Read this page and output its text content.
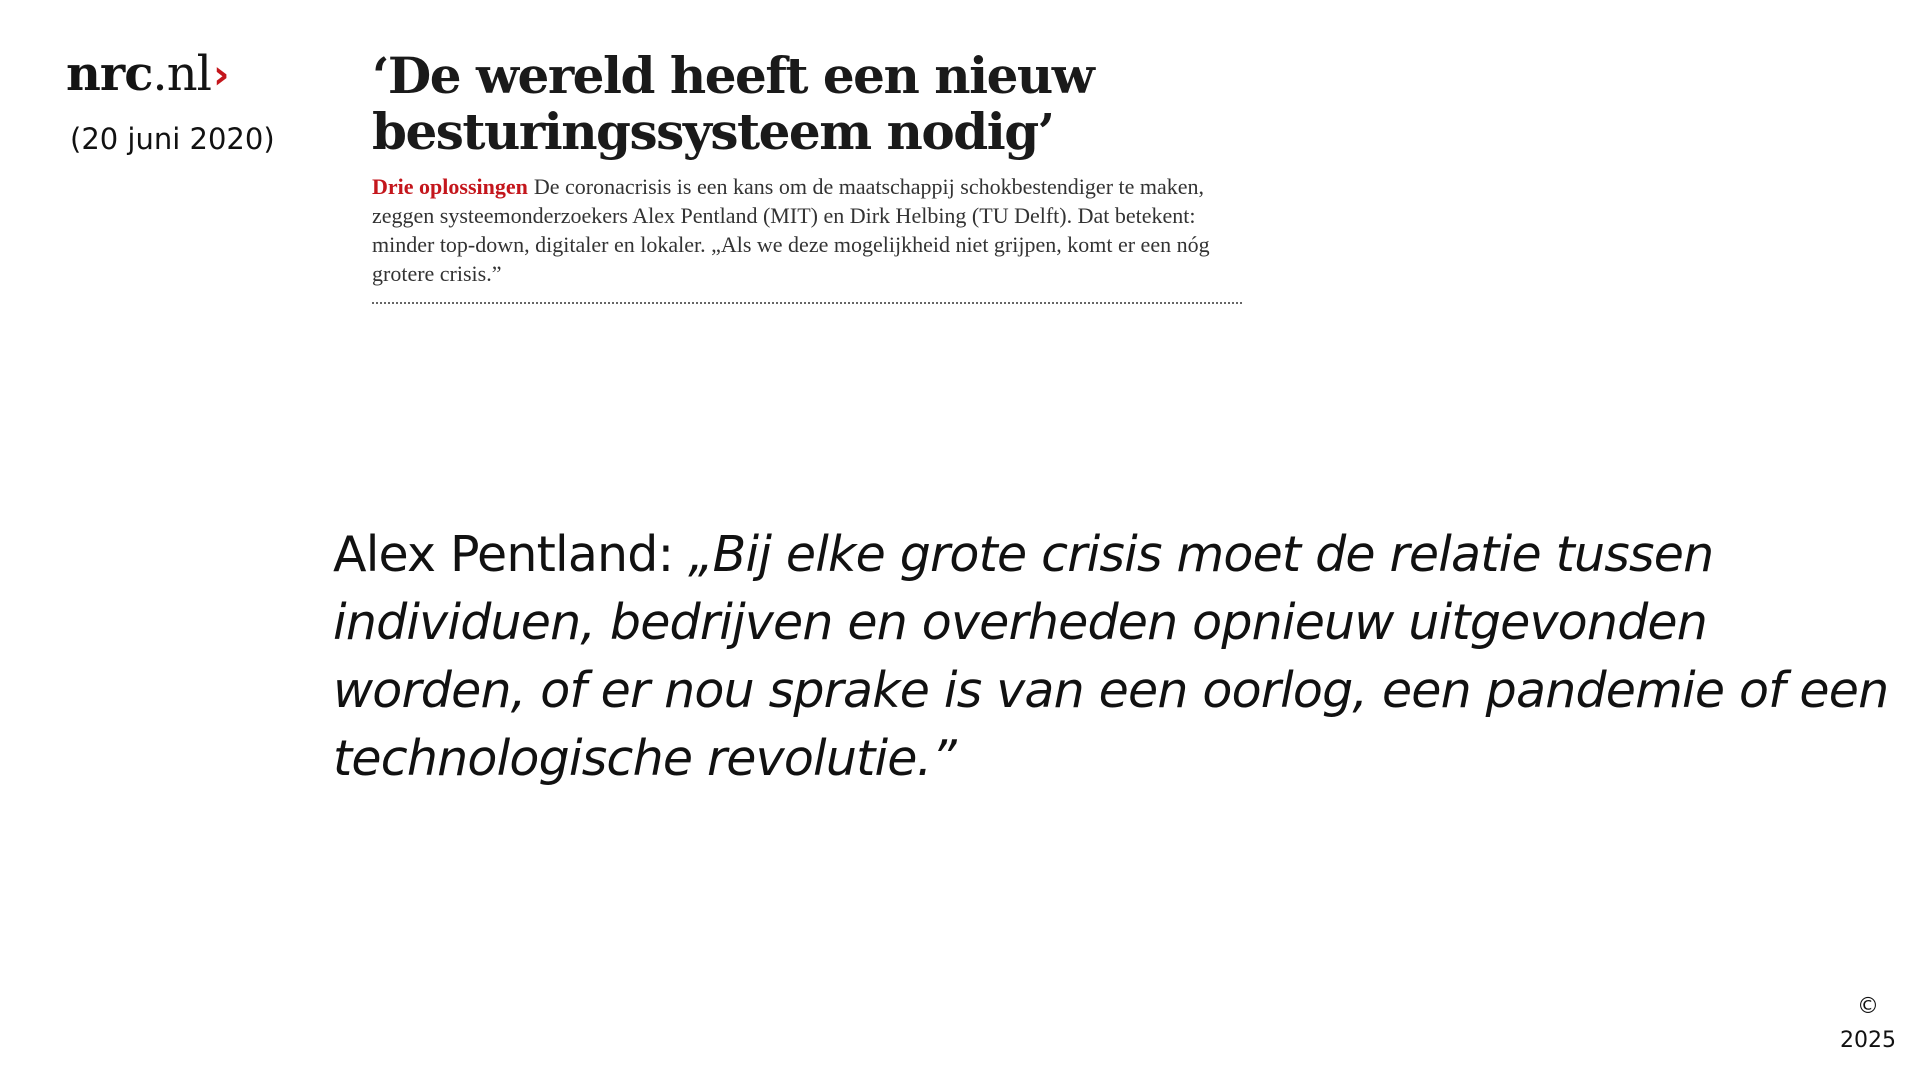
nrc.nl›
(20 juni 2020)
‘De wereld heeft een nieuw besturingssysteem nodig’
Drie oplossingen De coronacrisis is een kans om de maatschappij schokbestendiger te maken, zeggen systeemonderzoekers Alex Pentland (MIT) en Dirk Helbing (TU Delft). Dat betekent: minder top-down, digitaler en lokaler. „Als we deze mogelijkheid niet grijpen, komt er een nóg grotere crisis.”
Alex Pentland: „Bij elke grote crisis moet de relatie tussen individuen, bedrijven en overheden opnieuw uitgevonden worden, of er nou sprake is van een oorlog, een pandemie of een technologische revolutie.”
©
2025
